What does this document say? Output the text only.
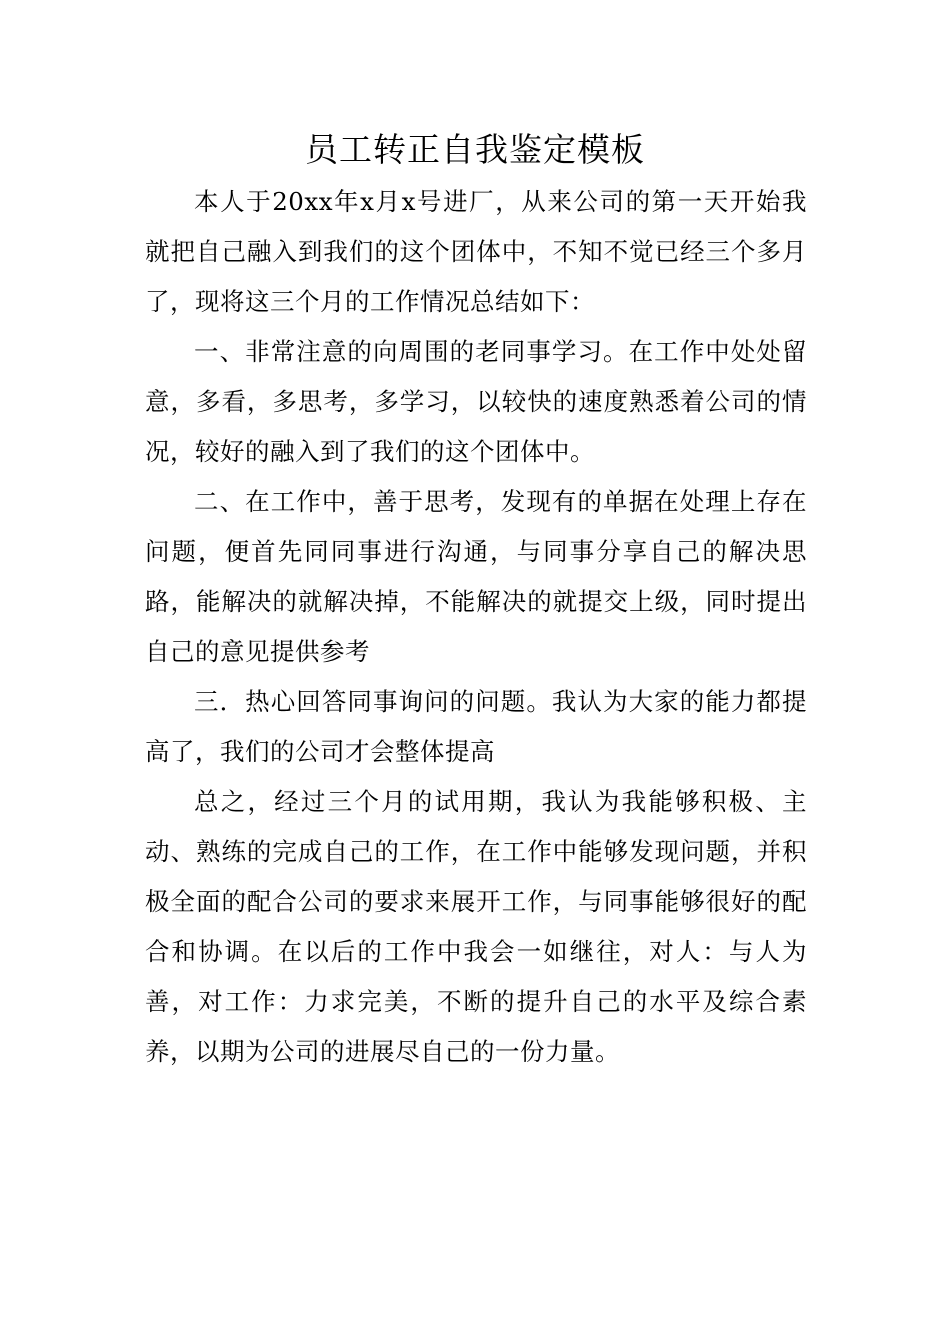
员工转正自我鉴定模板

本人于20xx年x月x号进厂，从来公司的第一天开始我就把自己融入到我们的这个团体中，不知不觉已经三个多月了，现将这三个月的工作情况总结如下：

一、非常注意的向周围的老同事学习。在工作中处处留意，多看，多思考，多学习，以较快的速度熟悉着公司的情况，较好的融入到了我们的这个团体中。

二、在工作中，善于思考，发现有的单据在处理上存在问题，便首先同同事进行沟通，与同事分享自己的解决思路，能解决的就解决掉，不能解决的就提交上级，同时提出自己的意见提供参考

三．热心回答同事询问的问题。我认为大家的能力都提高了，我们的公司才会整体提高

总之，经过三个月的试用期，我认为我能够积极、主动、熟练的完成自己的工作，在工作中能够发现问题，并积极全面的配合公司的要求来展开工作，与同事能够很好的配合和协调。在以后的工作中我会一如继往，对人：与人为善，对工作：力求完美，不断的提升自己的水平及综合素养，以期为公司的进展尽自己的一份力量。
